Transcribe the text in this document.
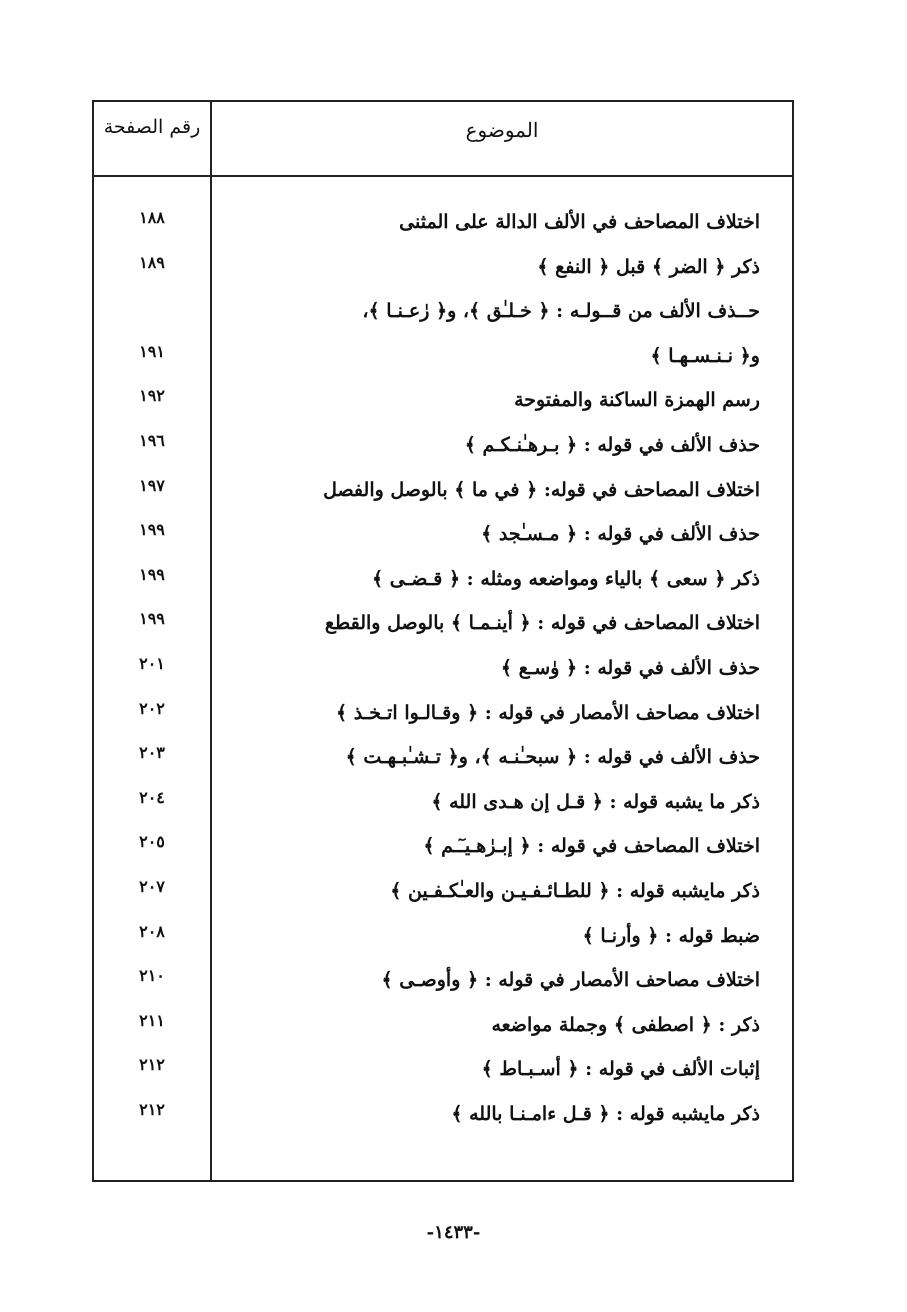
رقم الصفحة	الموضوع
اختلاف المصاحف في الألف الدالة على المثنى
١٨٨
ذكر ﴿ الضر ﴾ قبل ﴿ النفع ﴾
١٨٩
حــذف الألف من قــولـه : ﴿ خـلـٰق ﴾، و﴿ رٰعـنـا ﴾،
و﴿ نـنـسـهـا ﴾
١٩١
رسم الهمزة الساكنة والمفتوحة
١٩٢
حذف الألف في قوله : ﴿ بـرهـٰنـكـم ﴾
١٩٦
اختلاف المصاحف في قوله: ﴿ في ما ﴾ بالوصل والفصل
١٩٧
حذف الألف في قوله : ﴿ مـسـٰجد ﴾
١٩٩
ذكر ﴿ سعى ﴾ بالياء ومواضعه ومثله : ﴿ قـضـى ﴾
١٩٩
اختلاف المصاحف في قوله : ﴿ أينـمـا ﴾ بالوصل والقطع
١٩٩
حذف الألف في قوله : ﴿ وٰسـع ﴾
٢٠١
اختلاف مصاحف الأمصار في قوله : ﴿ وقـالـوا اتـخـذ ﴾
٢٠٢
حذف الألف في قوله : ﴿ سبحـٰنـه ﴾، و﴿ تـشـٰبـهـت ﴾
٢٠٣
ذكر ما يشبه قوله : ﴿ قـل إن هـدى الله ﴾
٢٠٤
اختلاف المصاحف في قوله : ﴿ إبـرٰهـيـٓـم ﴾
٢٠٥
ذكر مايشبه قوله : ﴿ للطـائـفـيـن والعـٰكـفـين ﴾
٢٠٧
ضبط قوله : ﴿ وأرنـا ﴾
٢٠٨
اختلاف مصاحف الأمصار في قوله : ﴿ وأوصـى ﴾
٢١٠
ذكر : ﴿ اصطفى ﴾ وجملة مواضعه
٢١١
إثبات الألف في قوله : ﴿ أسـبـاط ﴾
٢١٢
ذكر مايشبه قوله : ﴿ قـل ءامـنـا بالله ﴾
٢١٢
-١٤٣٣-
